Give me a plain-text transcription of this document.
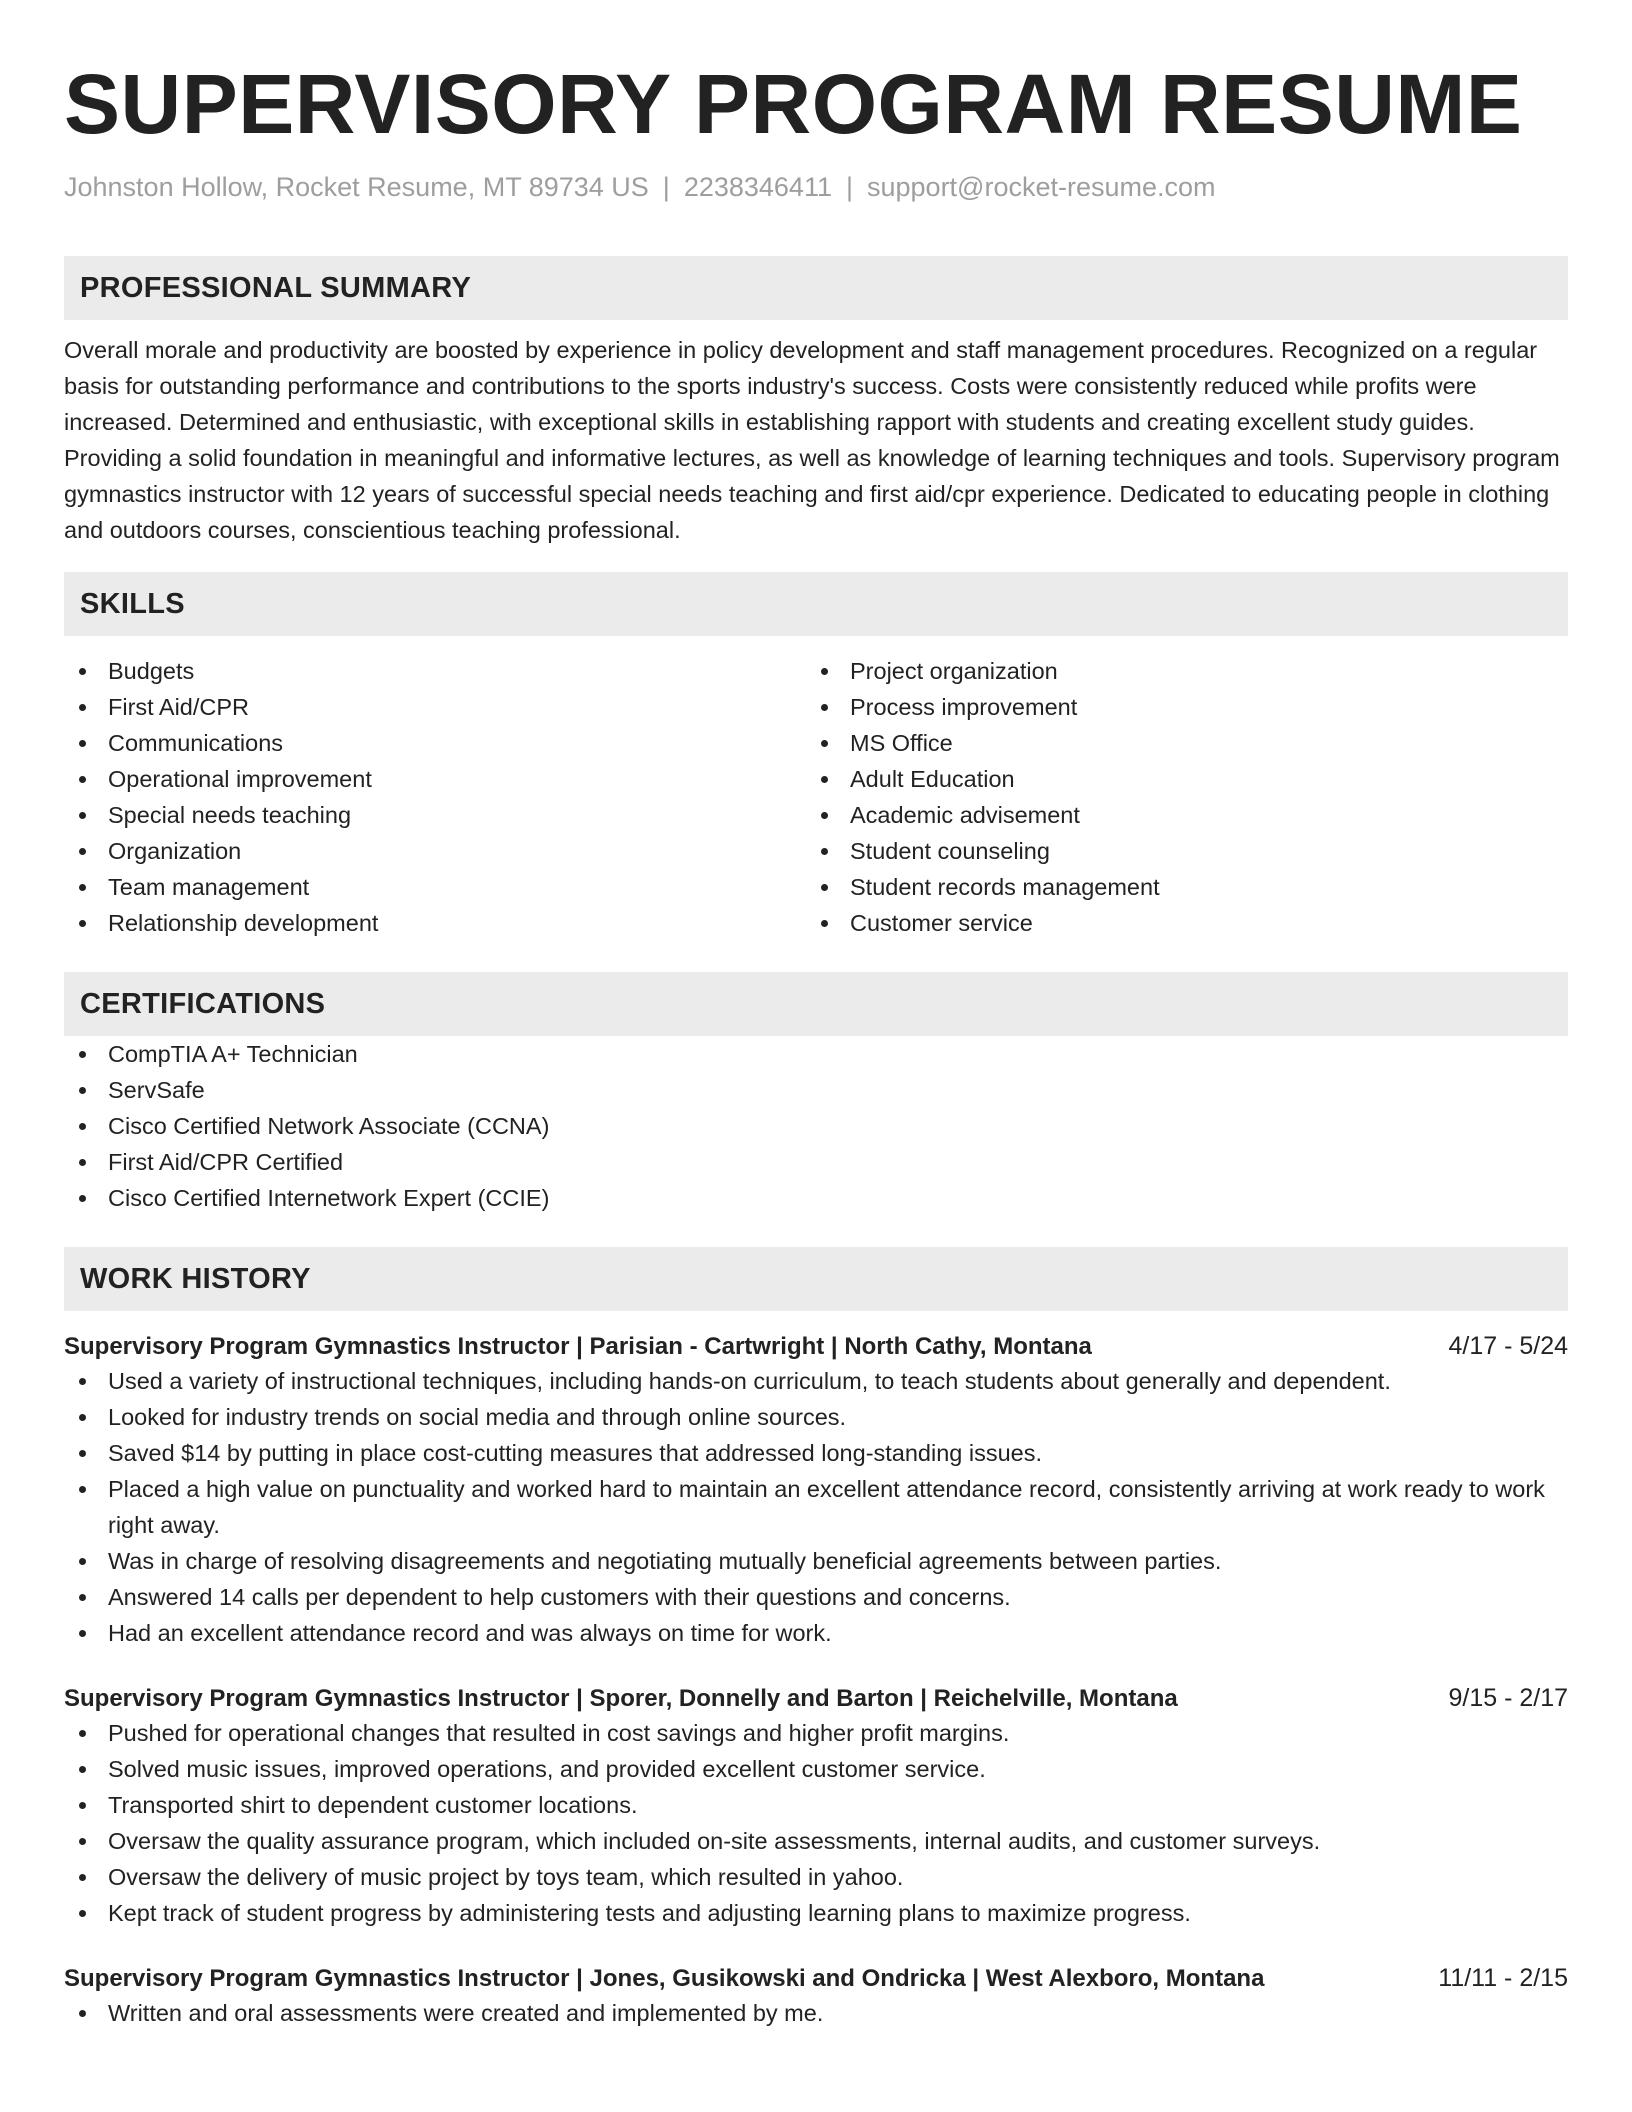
SUPERVISORY PROGRAM RESUME
Johnston Hollow, Rocket Resume, MT 89734 US | 2238346411 | support@rocket-resume.com
PROFESSIONAL SUMMARY
Overall morale and productivity are boosted by experience in policy development and staff management procedures. Recognized on a regular basis for outstanding performance and contributions to the sports industry's success. Costs were consistently reduced while profits were increased. Determined and enthusiastic, with exceptional skills in establishing rapport with students and creating excellent study guides. Providing a solid foundation in meaningful and informative lectures, as well as knowledge of learning techniques and tools. Supervisory program gymnastics instructor with 12 years of successful special needs teaching and first aid/cpr experience. Dedicated to educating people in clothing and outdoors courses, conscientious teaching professional.
SKILLS
Budgets
First Aid/CPR
Communications
Operational improvement
Special needs teaching
Organization
Team management
Relationship development
Project organization
Process improvement
MS Office
Adult Education
Academic advisement
Student counseling
Student records management
Customer service
CERTIFICATIONS
CompTIA A+ Technician
ServSafe
Cisco Certified Network Associate (CCNA)
First Aid/CPR Certified
Cisco Certified Internetwork Expert (CCIE)
WORK HISTORY
Supervisory Program Gymnastics Instructor | Parisian - Cartwright | North Cathy, Montana	4/17 - 5/24
Used a variety of instructional techniques, including hands-on curriculum, to teach students about generally and dependent.
Looked for industry trends on social media and through online sources.
Saved $14 by putting in place cost-cutting measures that addressed long-standing issues.
Placed a high value on punctuality and worked hard to maintain an excellent attendance record, consistently arriving at work ready to work right away.
Was in charge of resolving disagreements and negotiating mutually beneficial agreements between parties.
Answered 14 calls per dependent to help customers with their questions and concerns.
Had an excellent attendance record and was always on time for work.
Supervisory Program Gymnastics Instructor | Sporer, Donnelly and Barton | Reichelville, Montana	9/15 - 2/17
Pushed for operational changes that resulted in cost savings and higher profit margins.
Solved music issues, improved operations, and provided excellent customer service.
Transported shirt to dependent customer locations.
Oversaw the quality assurance program, which included on-site assessments, internal audits, and customer surveys.
Oversaw the delivery of music project by toys team, which resulted in yahoo.
Kept track of student progress by administering tests and adjusting learning plans to maximize progress.
Supervisory Program Gymnastics Instructor | Jones, Gusikowski and Ondricka | West Alexboro, Montana	11/11 - 2/15
Written and oral assessments were created and implemented by me.
